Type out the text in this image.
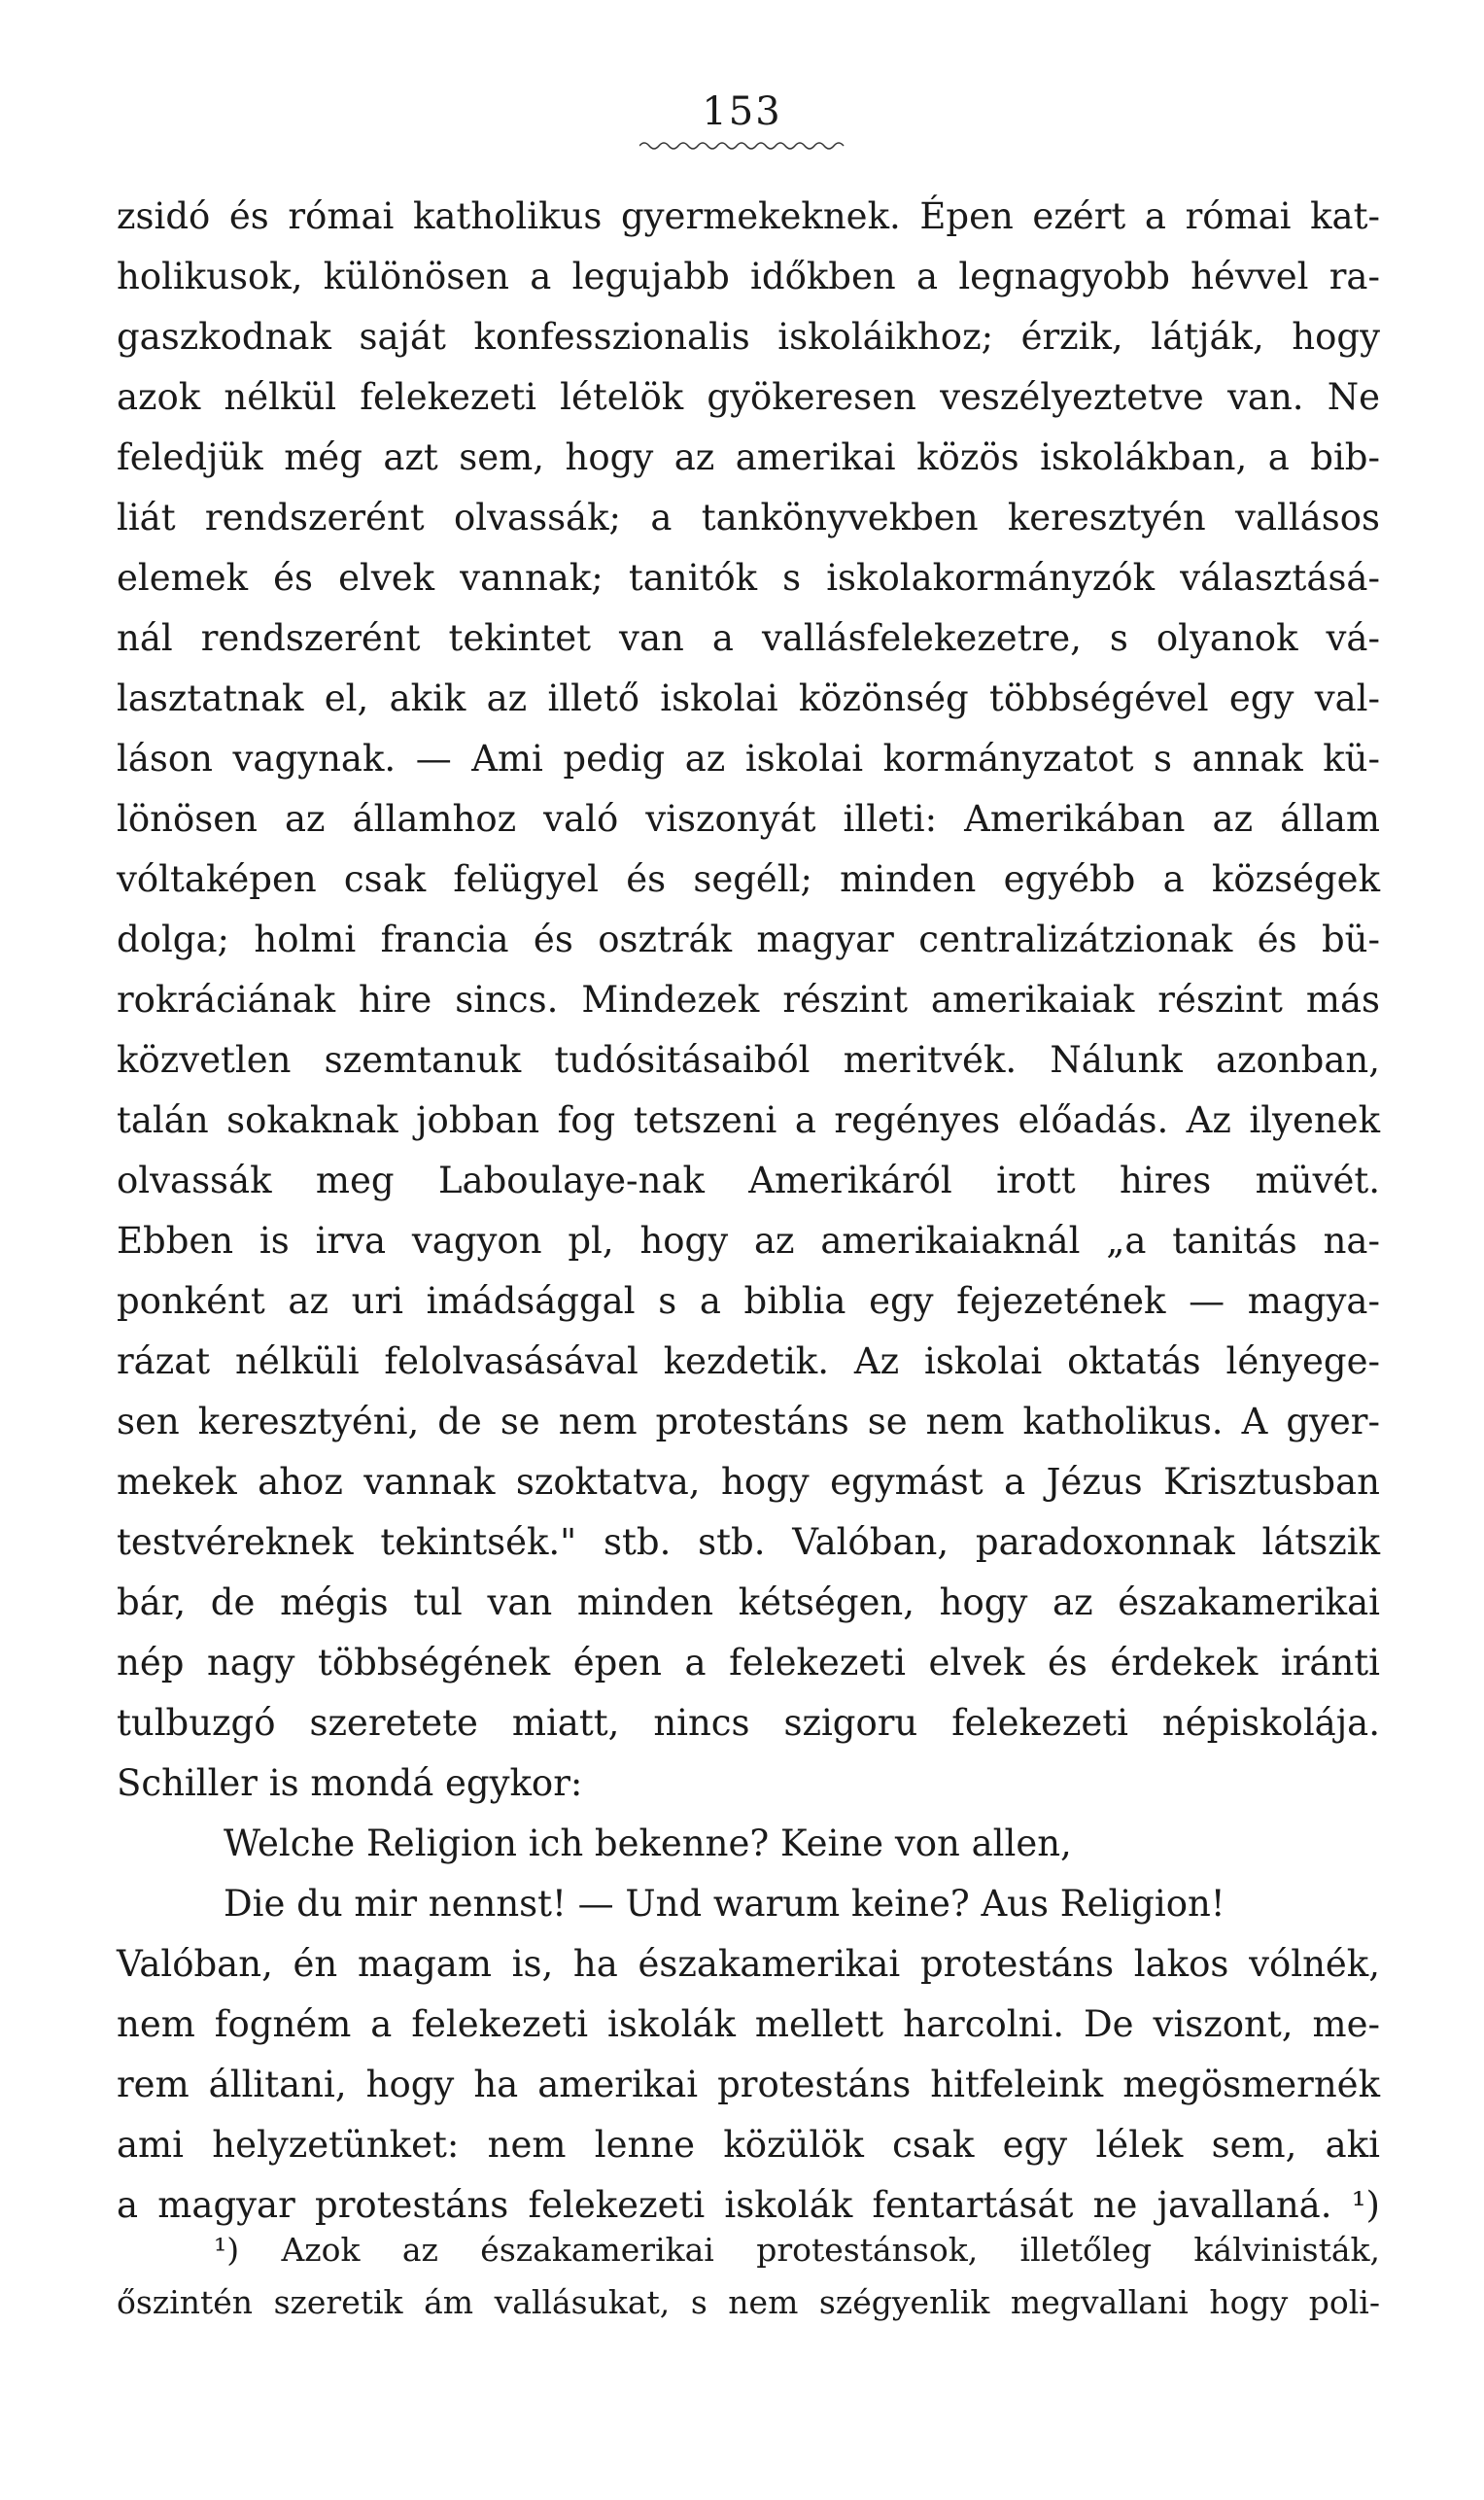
153
zsidó és római katholikus gyermekeknek. Épen ezért a római kat-
holikusok, különösen a legujabb időkben a legnagyobb hévvel ra-
gaszkodnak saját konfesszionalis iskoláikhoz; érzik, látják, hogy
azok nélkül felekezeti lételök gyökeresen veszélyeztetve van. Ne
feledjük még azt sem, hogy az amerikai közös iskolákban, a bib-
liát rendszerént olvassák; a tankönyvekben keresztyén vallásos
elemek és elvek vannak; tanitók s iskolakormányzók választásá-
nál rendszerént tekintet van a vallásfelekezetre, s olyanok vá-
lasztatnak el, akik az illető iskolai közönség többségével egy val-
láson vagynak. — Ami pedig az iskolai kormányzatot s annak kü-
lönösen az államhoz való viszonyát illeti: Amerikában az állam
vóltaképen csak felügyel és segéll; minden egyébb a községek
dolga; holmi francia és osztrák magyar centralizátzionak és bü-
rokráciának hire sincs. Mindezek részint amerikaiak részint más
közvetlen szemtanuk tudósitásaiból meritvék. Nálunk azonban,
talán sokaknak jobban fog tetszeni a regényes előadás. Az ilyenek
olvassák meg Laboulaye-nak Amerikáról irott hires müvét.
Ebben is irva vagyon pl, hogy az amerikaiaknál „a tanitás na-
ponként az uri imádsággal s a biblia egy fejezetének — magya-
rázat nélküli felolvasásával kezdetik. Az iskolai oktatás lényege-
sen keresztyéni, de se nem protestáns se nem katholikus. A gyer-
mekek ahoz vannak szoktatva, hogy egymást a Jézus Krisztusban
testvéreknek tekintsék." stb. stb. Valóban, paradoxonnak látszik
bár, de mégis tul van minden kétségen, hogy az északamerikai
nép nagy többségének épen a felekezeti elvek és érdekek iránti
tulbuzgó szeretete miatt, nincs szigoru felekezeti népiskolája.
Schiller is mondá egykor:
Welche Religion ich bekenne? Keine von allen,
Die du mir nennst! — Und warum keine? Aus Religion!
Valóban, én magam is, ha északamerikai protestáns lakos vólnék,
nem fogném a felekezeti iskolák mellett harcolni. De viszont, me-
rem állitani, hogy ha amerikai protestáns hitfeleink megösmernék
ami helyzetünket: nem lenne közülök csak egy lélek sem, aki
a magyar protestáns felekezeti iskolák fentartását ne javallaná. ¹)
¹) Azok az északamerikai protestánsok, illetőleg kálvinisták,
őszintén szeretik ám vallásukat, s nem szégyenlik megvallani hogy poli-
